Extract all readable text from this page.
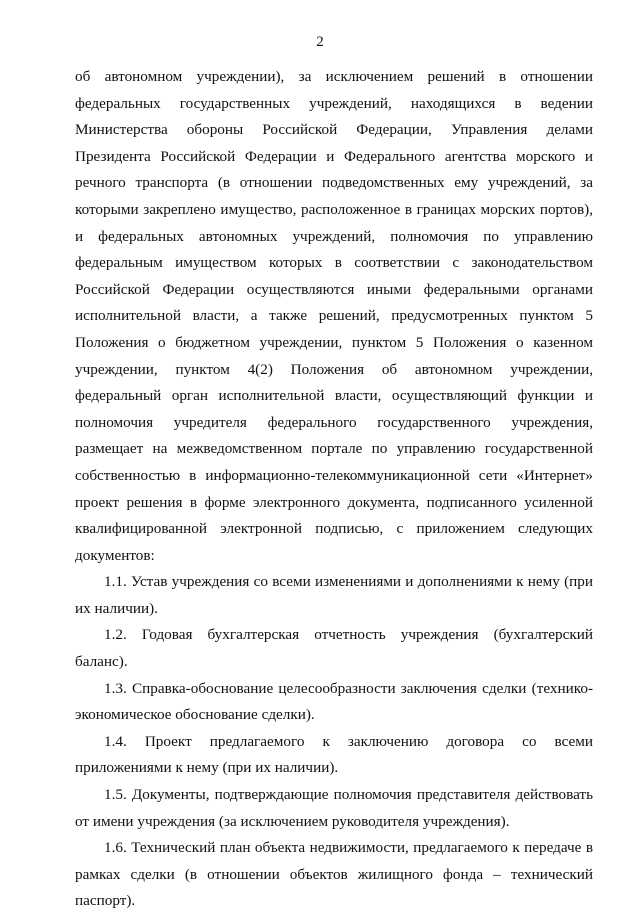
2

об автономном учреждении), за исключением решений в отношении федеральных государственных учреждений, находящихся в ведении Министерства обороны Российской Федерации, Управления делами Президента Российской Федерации и Федерального агентства морского и речного транспорта (в отношении подведомственных ему учреждений, за которыми закреплено имущество, расположенное в границах морских портов), и федеральных автономных учреждений, полномочия по управлению федеральным имуществом которых в соответствии с законодательством Российской Федерации осуществляются иными федеральными органами исполнительной власти, а также решений, предусмотренных пунктом 5 Положения о бюджетном учреждении, пунктом 5 Положения о казенном учреждении, пунктом 4(2) Положения об автономном учреждении, федеральный орган исполнительной власти, осуществляющий функции и полномочия учредителя федерального государственного учреждения, размещает на межведомственном портале по управлению государственной собственностью в информационно-телекоммуникационной сети «Интернет» проект решения в форме электронного документа, подписанного усиленной квалифицированной электронной подписью, с приложением следующих документов:

1.1. Устав учреждения со всеми изменениями и дополнениями к нему (при их наличии).

1.2. Годовая бухгалтерская отчетность учреждения (бухгалтерский баланс).

1.3. Справка-обоснование целесообразности заключения сделки (технико-экономическое обоснование сделки).

1.4. Проект предлагаемого к заключению договора со всеми приложениями к нему (при их наличии).

1.5. Документы, подтверждающие полномочия представителя действовать от имени учреждения (за исключением руководителя учреждения).

1.6. Технический план объекта недвижимости, предлагаемого к передаче в рамках сделки (в отношении объектов жилищного фонда – технический паспорт).
